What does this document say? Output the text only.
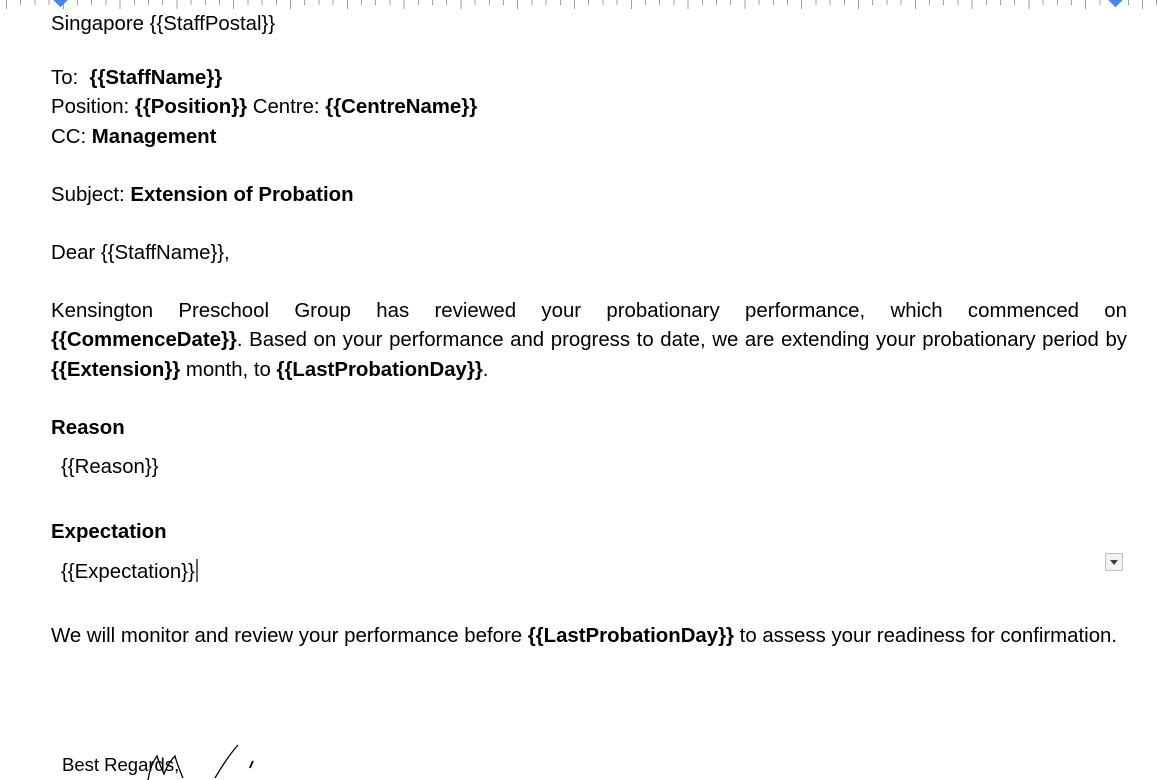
Singapore {{StaffPostal}}
To: {{StaffName}}
Position: {{Position}} Centre: {{CentreName}}
CC: Management
Subject: Extension of Probation
Dear {{StaffName}},
Kensington Preschool Group has reviewed your probationary performance, which commenced on {{CommenceDate}}. Based on your performance and progress to date, we are extending your probationary period by {{Extension}} month, to {{LastProbationDay}}.
Reason
{{Reason}}
Expectation
{{Expectation}}
We will monitor and review your performance before {{LastProbationDay}} to assess your readiness for confirmation.
Best Regards,
